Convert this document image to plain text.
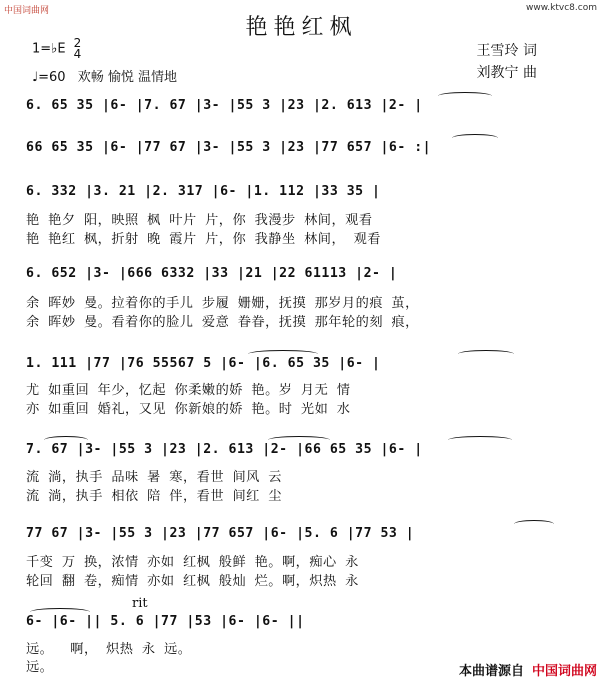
中国词曲网	www.ktvc8.com
艳艳红枫
1=♭E 2
4
♩=60 欢畅 愉悦 温情地
王雪玲 词
刘教宁 曲
6. 65 35 |6- |7. 67 |3- |55 3 |23 |2. 613 |2- |
66 65 35 |6- |77 67 |3- |55 3 |23 |77 657 |6- :|
6. 332 |3. 21 |2. 317 |6- |1. 112 |33 35 |
艳 艳夕 阳，映照 枫 叶片 片，你 我漫步 林间，观看
艳 艳红 枫，折射 晚 霞片 片，你 我静坐 林间， 观看
6. 652 |3- |666 6332 |33 |21 |22 61113 |2- |
余 晖妙 曼。拉着你的手儿 步履 姗姗，抚摸 那岁月的痕 茧，
余 晖妙 曼。看着你的脸儿 爱意 眷眷，抚摸 那年轮的刻 痕，
1. 111 |77 |76 55567 5 |6- |6. 65 35 |6- |
尤 如重回 年少，忆起 你柔嫩的娇 艳。岁 月无 情
亦 如重回 婚礼，又见 你新娘的娇 艳。时 光如 水
7. 67 |3- |55 3 |23 |2. 613 |2- |66 65 35 |6- |
流 淌，执手 品味 暑 寒，看世 间风 云
流 淌，执手 相依 陪 伴，看世 间红 尘
77 67 |3- |55 3 |23 |77 657 |6- |5. 6 |77 53 |
千变 万 换，浓情 亦如 红枫 般鲜 艳。啊，痴心 永
轮回 翻 卷，痴情 亦如 红枫 般灿 烂。啊，炽热 永
rit
6- |6- || 5. 6 |77 |53 |6- |6- ||
远。  啊， 炽热 永 远。
远。	本曲谱源自 中国词曲网
